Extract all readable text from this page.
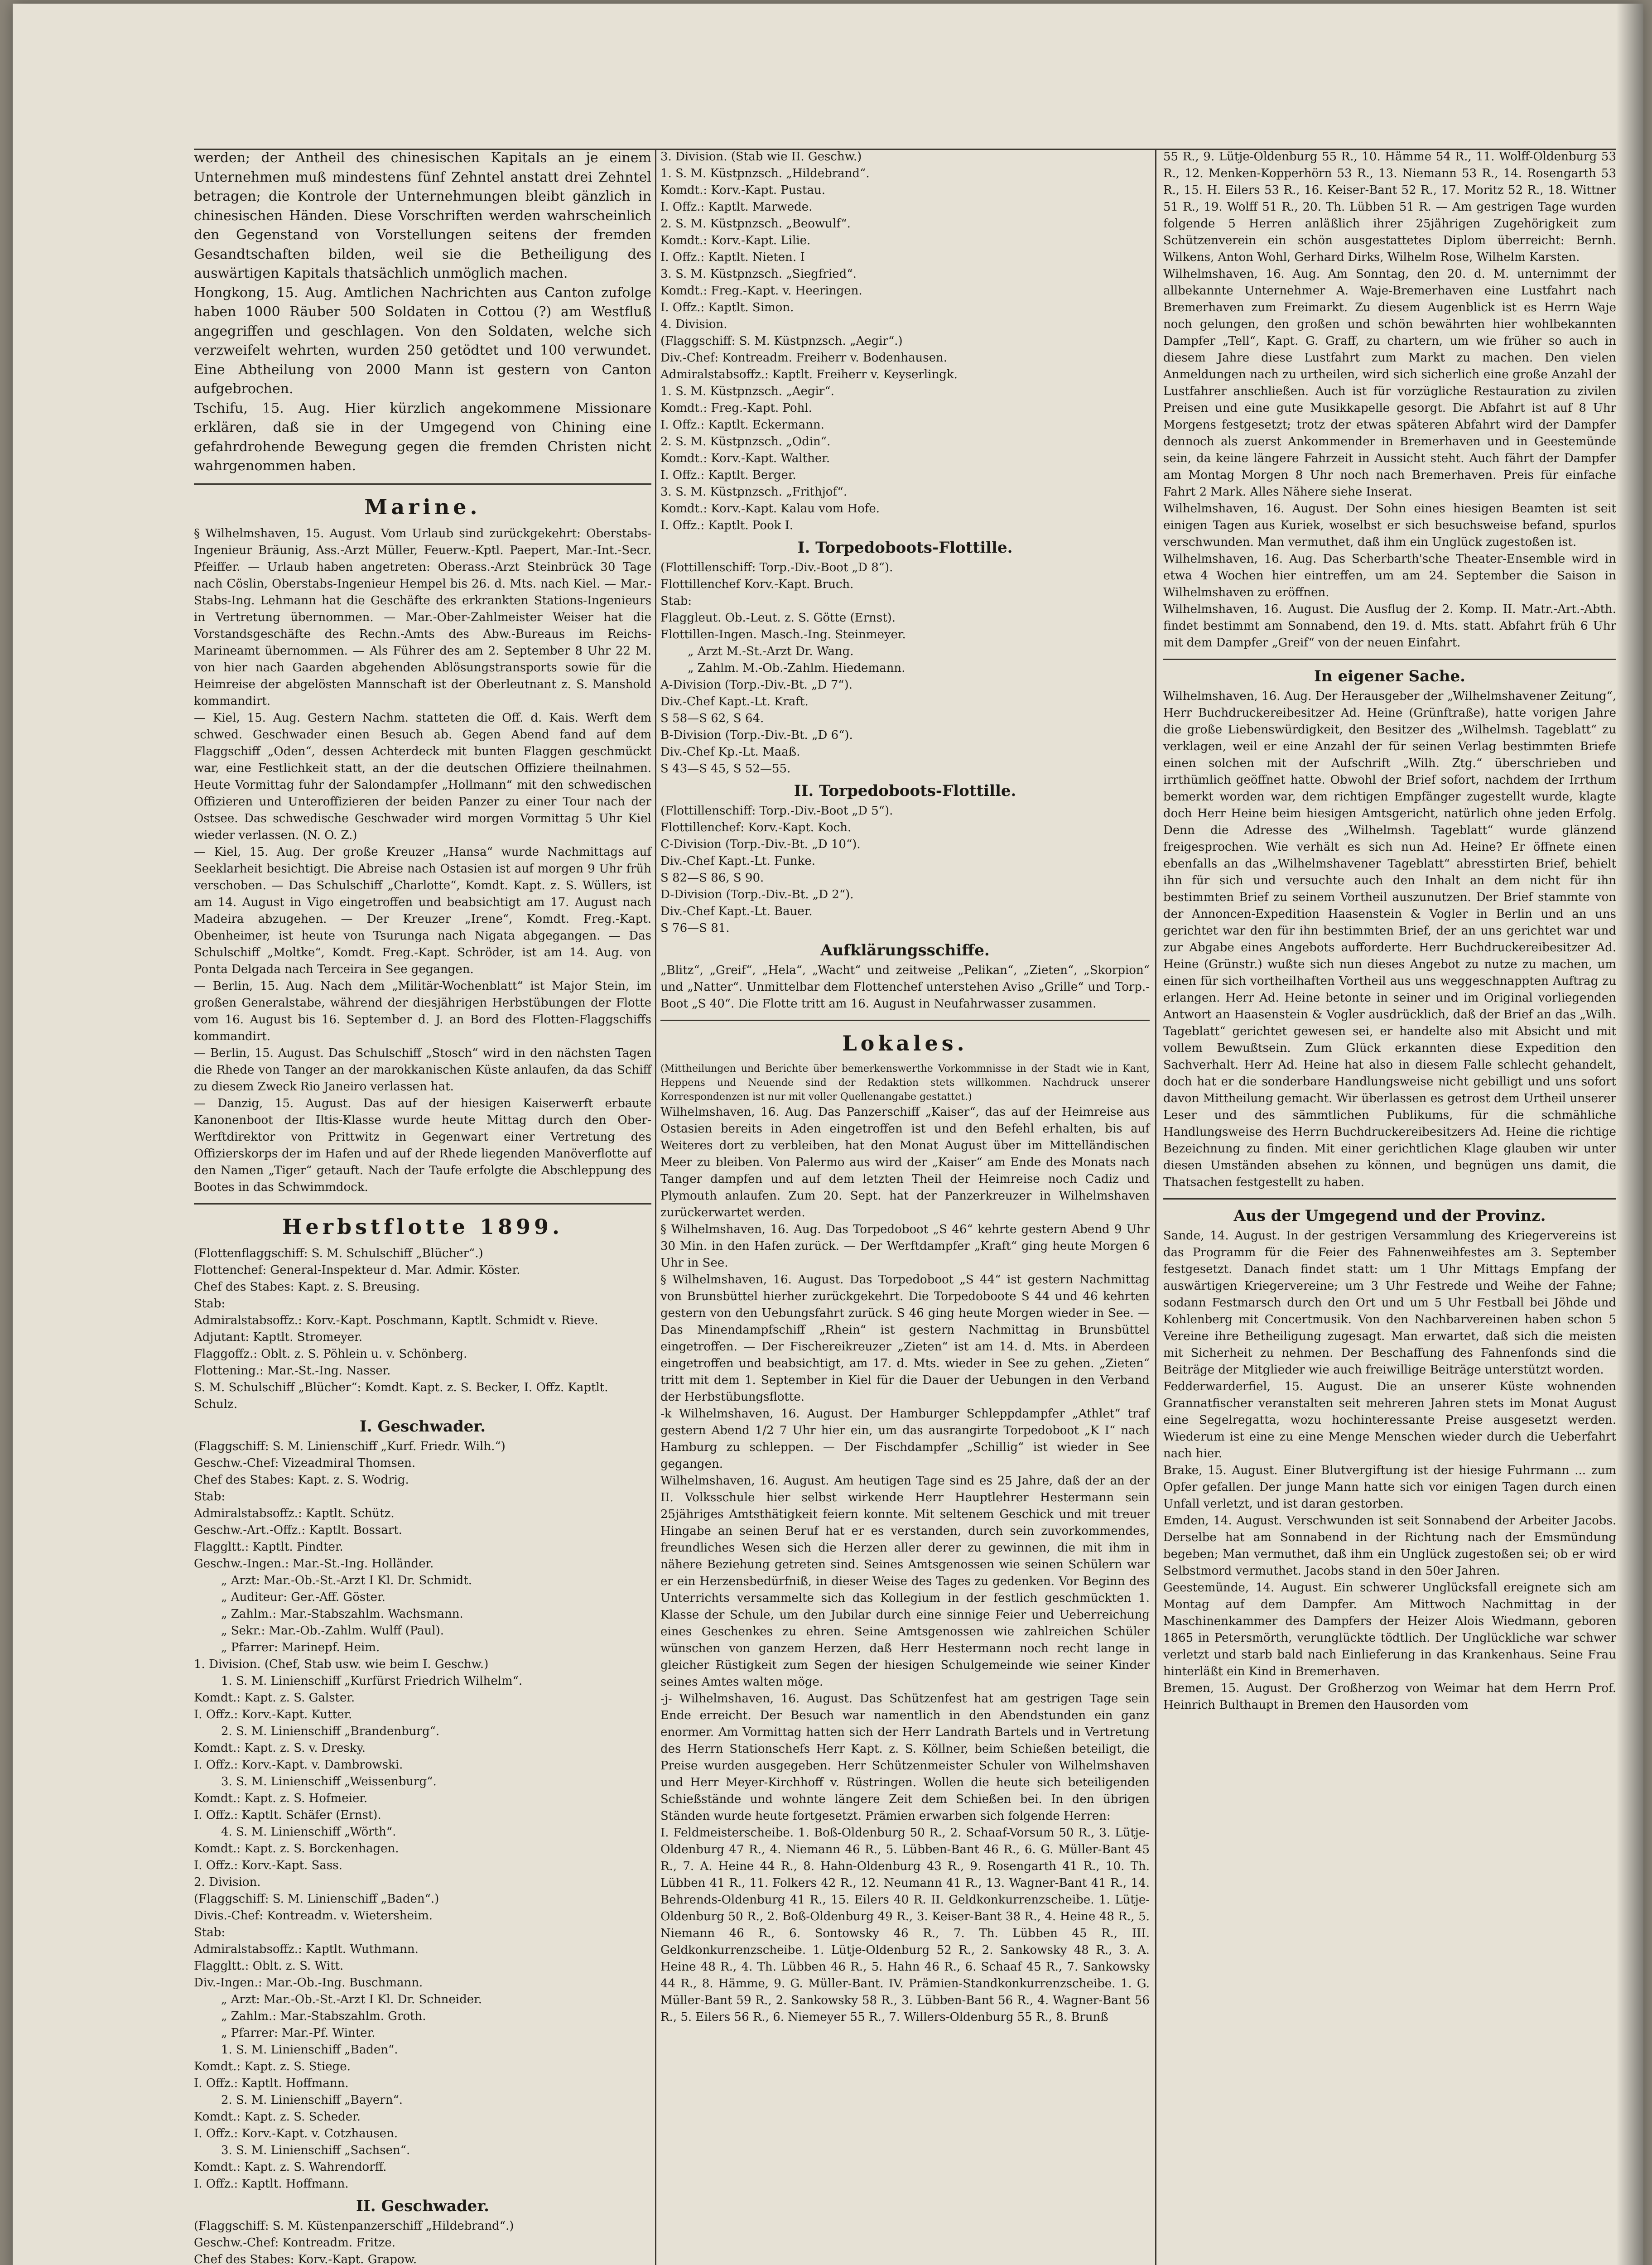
werden; der Antheil des chinesischen Kapitals an je einem Unternehmen muß mindestens fünf Zehntel anstatt drei Zehntel betragen; die Kontrole der Unternehmungen bleibt gänzlich in chinesischen Händen. Diese Vorschriften werden wahrscheinlich den Gegenstand von Vorstellungen seitens der fremden Gesandtschaften bilden, weil sie die Betheiligung des auswärtigen Kapitals thatsächlich unmöglich machen.

Hongkong, 15. Aug. Amtlichen Nachrichten aus Canton zufolge haben 1000 Räuber 500 Soldaten in Cottou (?) am Westfluß angegriffen und geschlagen. Von den Soldaten, welche sich verzweifelt wehrten, wurden 250 getödtet und 100 verwundet. Eine Abtheilung von 2000 Mann ist gestern von Canton aufgebrochen.

Tschifu, 15. Aug. Hier kürzlich angekommene Missionare erklären, daß sie in der Umgegend von Chining eine gefahrdrohende Bewegung gegen die fremden Christen nicht wahrgenommen haben.

Marine.

§ Wilhelmshaven, 15. August. Vom Urlaub sind zurückgekehrt: Oberstabs-Ingenieur Bräunig, Ass.-Arzt Müller, Feuerw.-Kptl. Paepert, Mar.-Int.-Secr. Pfeiffer. — Urlaub haben angetreten: Oberass.-Arzt Steinbrück 30 Tage nach Cöslin, Oberstabs-Ingenieur Hempel bis 26. d. Mts. nach Kiel. — Mar.-Stabs-Ing. Lehmann hat die Geschäfte des erkrankten Stations-Ingenieurs in Vertretung übernommen. — Mar.-Ober-Zahlmeister Weiser hat die Vorstandsgeschäfte des Rechn.-Amts des Abw.-Bureaus im Reichs-Marineamt übernommen. — Als Führer des am 2. September 8 Uhr 22 M. von hier nach Gaarden abgehenden Ablösungstransports sowie für die Heimreise der abgelösten Mannschaft ist der Oberleutnant z. S. Manshold kommandirt.

— Kiel, 15. Aug. Gestern Nachm. statteten die Off. d. Kais. Werft dem schwed. Geschwader einen Besuch ab. Gegen Abend fand auf dem Flaggschiff „Oden“, dessen Achterdeck mit bunten Flaggen geschmückt war, eine Festlichkeit statt, an der die deutschen Offiziere theilnahmen. Heute Vormittag fuhr der Salondampfer „Hollmann“ mit den schwedischen Offizieren und Unteroffizieren der beiden Panzer zu einer Tour nach der Ostsee. Das schwedische Geschwader wird morgen Vormittag 5 Uhr Kiel wieder verlassen. (N. O. Z.)

— Kiel, 15. Aug. Der große Kreuzer „Hansa“ wurde Nachmittags auf Seeklarheit besichtigt. Die Abreise nach Ostasien ist auf morgen 9 Uhr früh verschoben. — Das Schulschiff „Charlotte“, Komdt. Kapt. z. S. Wüllers, ist am 14. August in Vigo eingetroffen und beabsichtigt am 17. August nach Madeira abzugehen. — Der Kreuzer „Irene“, Komdt. Freg.-Kapt. Obenheimer, ist heute von Tsurunga nach Nigata abgegangen. — Das Schulschiff „Moltke“, Komdt. Freg.-Kapt. Schröder, ist am 14. Aug. von Ponta Delgada nach Terceira in See gegangen.

— Berlin, 15. Aug. Nach dem „Militär-Wochenblatt“ ist Major Stein, im großen Generalstabe, während der diesjährigen Herbstübungen der Flotte vom 16. August bis 16. September d. J. an Bord des Flotten-Flaggschiffs kommandirt.

— Berlin, 15. August. Das Schulschiff „Stosch“ wird in den nächsten Tagen die Rhede von Tanger an der marokkanischen Küste anlaufen, da das Schiff zu diesem Zweck Rio Janeiro verlassen hat.

— Danzig, 15. August. Das auf der hiesigen Kaiserwerft erbaute Kanonenboot der Iltis-Klasse wurde heute Mittag durch den Ober-Werftdirektor von Prittwitz in Gegenwart einer Vertretung des Offizierskorps der im Hafen und auf der Rhede liegenden Manöverflotte auf den Namen „Tiger“ getauft. Nach der Taufe erfolgte die Abschleppung des Bootes in das Schwimmdock.

Herbstflotte 1899.

(Flottenflaggschiff: S. M. Schulschiff „Blücher“.)

Flottenchef: General-Inspekteur d. Mar. Admir. Köster.

Chef des Stabes: Kapt. z. S. Breusing.

Stab:

Admiralstabsoffz.: Korv.-Kapt. Poschmann, Kaptlt. Schmidt v. Rieve.

Adjutant: Kaptlt. Stromeyer.

Flaggoffz.: Oblt. z. S. Pöhlein u. v. Schönberg.

Flottening.: Mar.-St.-Ing. Nasser.

S. M. Schulschiff „Blücher“: Komdt. Kapt. z. S. Becker, I. Offz. Kaptlt. Schulz.

I. Geschwader.

(Flaggschiff: S. M. Linienschiff „Kurf. Friedr. Wilh.“)

Geschw.-Chef: Vizeadmiral Thomsen.

Chef des Stabes: Kapt. z. S. Wodrig.

Stab:

Admiralstabsoffz.: Kaptlt. Schütz.

Geschw.-Art.-Offz.: Kaptlt. Bossart.

Flaggltt.: Kaptlt. Pindter.

Geschw.-Ingen.: Mar.-St.-Ing. Holländer.

„ Arzt: Mar.-Ob.-St.-Arzt I Kl. Dr. Schmidt.

„ Auditeur: Ger.-Aff. Göster.

„ Zahlm.: Mar.-Stabszahlm. Wachsmann.

„ Sekr.: Mar.-Ob.-Zahlm. Wulff (Paul).

„ Pfarrer: Marinepf. Heim.

1. Division. (Chef, Stab usw. wie beim I. Geschw.)

1. S. M. Linienschiff „Kurfürst Friedrich Wilhelm“.

Komdt.: Kapt. z. S. Galster.

I. Offz.: Korv.-Kapt. Kutter.

2. S. M. Linienschiff „Brandenburg“.

Komdt.: Kapt. z. S. v. Dresky.

I. Offz.: Korv.-Kapt. v. Dambrowski.

3. S. M. Linienschiff „Weissenburg“.

Komdt.: Kapt. z. S. Hofmeier.

I. Offz.: Kaptlt. Schäfer (Ernst).

4. S. M. Linienschiff „Wörth“.

Komdt.: Kapt. z. S. Borckenhagen.

I. Offz.: Korv.-Kapt. Sass.

2. Division.

(Flaggschiff: S. M. Linienschiff „Baden“.)

Divis.-Chef: Kontreadm. v. Wietersheim.

Stab:

Admiralstabsoffz.: Kaptlt. Wuthmann.

Flaggltt.: Oblt. z. S. Witt.

Div.-Ingen.: Mar.-Ob.-Ing. Buschmann.

„ Arzt: Mar.-Ob.-St.-Arzt I Kl. Dr. Schneider.

„ Zahlm.: Mar.-Stabszahlm. Groth.

„ Pfarrer: Mar.-Pf. Winter.

1. S. M. Linienschiff „Baden“.

Komdt.: Kapt. z. S. Stiege.

I. Offz.: Kaptlt. Hoffmann.

2. S. M. Linienschiff „Bayern“.

Komdt.: Kapt. z. S. Scheder.

I. Offz.: Korv.-Kapt. v. Cotzhausen.

3. S. M. Linienschiff „Sachsen“.

Komdt.: Kapt. z. S. Wahrendorff.

I. Offz.: Kaptlt. Hoffmann.

II. Geschwader.

(Flaggschiff: S. M. Küstenpanzerschiff „Hildebrand“.)

Geschw.-Chef: Kontreadm. Fritze.

Chef des Stabes: Korv.-Kapt. Grapow.

3. Division. (Stab wie II. Geschw.)

1. S. M. Küstpnzsch. „Hildebrand“.

Komdt.: Korv.-Kapt. Pustau.

I. Offz.: Kaptlt. Marwede.

2. S. M. Küstpnzsch. „Beowulf“.

Komdt.: Korv.-Kapt. Lilie.

I. Offz.: Kaptlt. Nieten. I

3. S. M. Küstpnzsch. „Siegfried“.

Komdt.: Freg.-Kapt. v. Heeringen.

I. Offz.: Kaptlt. Simon.

4. Division.

(Flaggschiff: S. M. Küstpnzsch. „Aegir“.)

Div.-Chef: Kontreadm. Freiherr v. Bodenhausen.

Admiralstabsoffz.: Kaptlt. Freiherr v. Keyserlingk.

1. S. M. Küstpnzsch. „Aegir“.

Komdt.: Freg.-Kapt. Pohl.

I. Offz.: Kaptlt. Eckermann.

2. S. M. Küstpnzsch. „Odin“.

Komdt.: Korv.-Kapt. Walther.

I. Offz.: Kaptlt. Berger.

3. S. M. Küstpnzsch. „Frithjof“.

Komdt.: Korv.-Kapt. Kalau vom Hofe.

I. Offz.: Kaptlt. Pook I.

I. Torpedoboots-Flottille.

(Flottillenschiff: Torp.-Div.-Boot „D 8“).

Flottillenchef Korv.-Kapt. Bruch.

Stab:

Flaggleut. Ob.-Leut. z. S. Götte (Ernst).

Flottillen-Ingen. Masch.-Ing. Steinmeyer.

„ Arzt M.-St.-Arzt Dr. Wang.

„ Zahlm. M.-Ob.-Zahlm. Hiedemann.

A-Division (Torp.-Div.-Bt. „D 7“).

Div.-Chef Kapt.-Lt. Kraft.

S 58—S 62, S 64.

B-Division (Torp.-Div.-Bt. „D 6“).

Div.-Chef Kp.-Lt. Maaß.

S 43—S 45, S 52—55.

II. Torpedoboots-Flottille.

(Flottillenschiff: Torp.-Div.-Boot „D 5“).

Flottillenchef: Korv.-Kapt. Koch.

C-Division (Torp.-Div.-Bt. „D 10“).

Div.-Chef Kapt.-Lt. Funke.

S 82—S 86, S 90.

D-Division (Torp.-Div.-Bt. „D 2“).

Div.-Chef Kapt.-Lt. Bauer.

S 76—S 81.

Aufklärungsschiffe.

„Blitz“, „Greif“, „Hela“, „Wacht“ und zeitweise „Pelikan“, „Zieten“, „Skorpion“ und „Natter“. Unmittelbar dem Flottenchef unterstehen Aviso „Grille“ und Torp.-Boot „S 40“. Die Flotte tritt am 16. August in Neufahrwasser zusammen.

Lokales.

(Mittheilungen und Berichte über bemerkenswerthe Vorkommnisse in der Stadt wie in Kant, Heppens und Neuende sind der Redaktion stets willkommen. Nachdruck unserer Korrespondenzen ist nur mit voller Quellenangabe gestattet.)

Wilhelmshaven, 16. Aug. Das Panzerschiff „Kaiser“, das auf der Heimreise aus Ostasien bereits in Aden eingetroffen ist und den Befehl erhalten, bis auf Weiteres dort zu verbleiben, hat den Monat August über im Mittelländischen Meer zu bleiben. Von Palermo aus wird der „Kaiser“ am Ende des Monats nach Tanger dampfen und auf dem letzten Theil der Heimreise noch Cadiz und Plymouth anlaufen. Zum 20. Sept. hat der Panzerkreuzer in Wilhelmshaven zurückerwartet werden.

§ Wilhelmshaven, 16. Aug. Das Torpedoboot „S 46“ kehrte gestern Abend 9 Uhr 30 Min. in den Hafen zurück. — Der Werftdampfer „Kraft“ ging heute Morgen 6 Uhr in See.

§ Wilhelmshaven, 16. August. Das Torpedoboot „S 44“ ist gestern Nachmittag von Brunsbüttel hierher zurückgekehrt. Die Torpedoboote S 44 und 46 kehrten gestern von den Uebungsfahrt zurück. S 46 ging heute Morgen wieder in See. — Das Minendampfschiff „Rhein“ ist gestern Nachmittag in Brunsbüttel eingetroffen. — Der Fischereikreuzer „Zieten“ ist am 14. d. Mts. in Aberdeen eingetroffen und beabsichtigt, am 17. d. Mts. wieder in See zu gehen. „Zieten“ tritt mit dem 1. September in Kiel für die Dauer der Uebungen in den Verband der Herbstübungsflotte.

-k Wilhelmshaven, 16. August. Der Hamburger Schleppdampfer „Athlet“ traf gestern Abend 1/2 7 Uhr hier ein, um das ausrangirte Torpedoboot „K I“ nach Hamburg zu schleppen. — Der Fischdampfer „Schillig“ ist wieder in See gegangen.

Wilhelmshaven, 16. August. Am heutigen Tage sind es 25 Jahre, daß der an der II. Volksschule hier selbst wirkende Herr Hauptlehrer Hestermann sein 25jähriges Amtsthätigkeit feiern konnte. Mit seltenem Geschick und mit treuer Hingabe an seinen Beruf hat er es verstanden, durch sein zuvorkommendes, freundliches Wesen sich die Herzen aller derer zu gewinnen, die mit ihm in nähere Beziehung getreten sind. Seines Amtsgenossen wie seinen Schülern war er ein Herzensbedürfniß, in dieser Weise des Tages zu gedenken. Vor Beginn des Unterrichts versammelte sich das Kollegium in der festlich geschmückten 1. Klasse der Schule, um den Jubilar durch eine sinnige Feier und Ueberreichung eines Geschenkes zu ehren. Seine Amtsgenossen wie zahlreichen Schüler wünschen von ganzem Herzen, daß Herr Hestermann noch recht lange in gleicher Rüstigkeit zum Segen der hiesigen Schulgemeinde wie seiner Kinder seines Amtes walten möge.

-j- Wilhelmshaven, 16. August. Das Schützenfest hat am gestrigen Tage sein Ende erreicht. Der Besuch war namentlich in den Abendstunden ein ganz enormer. Am Vormittag hatten sich der Herr Landrath Bartels und in Vertretung des Herrn Stationschefs Herr Kapt. z. S. Köllner, beim Schießen beteiligt, die Preise wurden ausgegeben. Herr Schützenmeister Schuler von Wilhelmshaven und Herr Meyer-Kirchhoff v. Rüstringen. Wollen die heute sich beteiligenden Schießstände und wohnte längere Zeit dem Schießen bei. In den übrigen Ständen wurde heute fortgesetzt. Prämien erwarben sich folgende Herren:

I. Feldmeisterscheibe. 1. Boß-Oldenburg 50 R., 2. Schaaf-Vorsum 50 R., 3. Lütje-Oldenburg 47 R., 4. Niemann 46 R., 5. Lübben-Bant 46 R., 6. G. Müller-Bant 45 R., 7. A. Heine 44 R., 8. Hahn-Oldenburg 43 R., 9. Rosengarth 41 R., 10. Th. Lübben 41 R., 11. Folkers 42 R., 12. Neumann 41 R., 13. Wagner-Bant 41 R., 14. Behrends-Oldenburg 41 R., 15. Eilers 40 R. II. Geldkonkurrenzscheibe. 1. Lütje-Oldenburg 50 R., 2. Boß-Oldenburg 49 R., 3. Keiser-Bant 38 R., 4. Heine 48 R., 5. Niemann 46 R., 6. Sontowsky 46 R., 7. Th. Lübben 45 R., III. Geldkonkurrenzscheibe. 1. Lütje-Oldenburg 52 R., 2. Sankowsky 48 R., 3. A. Heine 48 R., 4. Th. Lübben 46 R., 5. Hahn 46 R., 6. Schaaf 45 R., 7. Sankowsky 44 R., 8. Hämme, 9. G. Müller-Bant. IV. Prämien-Standkonkurrenzscheibe. 1. G. Müller-Bant 59 R., 2. Sankowsky 58 R., 3. Lübben-Bant 56 R., 4. Wagner-Bant 56 R., 5. Eilers 56 R., 6. Niemeyer 55 R., 7. Willers-Oldenburg 55 R., 8. Brunß

55 R., 9. Lütje-Oldenburg 55 R., 10. Hämme 54 R., 11. Wolff-Oldenburg 53 R., 12. Menken-Kopperhörn 53 R., 13. Niemann 53 R., 14. Rosengarth 53 R., 15. H. Eilers 53 R., 16. Keiser-Bant 52 R., 17. Moritz 52 R., 18. Wittner 51 R., 19. Wolff 51 R., 20. Th. Lübben 51 R. — Am gestrigen Tage wurden folgende 5 Herren anläßlich ihrer 25jährigen Zugehörigkeit zum Schützenverein ein schön ausgestattetes Diplom überreicht: Bernh. Wilkens, Anton Wohl, Gerhard Dirks, Wilhelm Rose, Wilhelm Karsten.

Wilhelmshaven, 16. Aug. Am Sonntag, den 20. d. M. unternimmt der allbekannte Unternehmer A. Waje-Bremerhaven eine Lustfahrt nach Bremerhaven zum Freimarkt. Zu diesem Augenblick ist es Herrn Waje noch gelungen, den großen und schön bewährten hier wohlbekannten Dampfer „Tell“, Kapt. G. Graff, zu chartern, um wie früher so auch in diesem Jahre diese Lustfahrt zum Markt zu machen. Den vielen Anmeldungen nach zu urtheilen, wird sich sicherlich eine große Anzahl der Lustfahrer anschließen. Auch ist für vorzügliche Restauration zu zivilen Preisen und eine gute Musikkapelle gesorgt. Die Abfahrt ist auf 8 Uhr Morgens festgesetzt; trotz der etwas späteren Abfahrt wird der Dampfer dennoch als zuerst Ankommender in Bremerhaven und in Geestemünde sein, da keine längere Fahrzeit in Aussicht steht. Auch fährt der Dampfer am Montag Morgen 8 Uhr noch nach Bremerhaven. Preis für einfache Fahrt 2 Mark. Alles Nähere siehe Inserat.

Wilhelmshaven, 16. August. Der Sohn eines hiesigen Beamten ist seit einigen Tagen aus Kuriek, woselbst er sich besuchsweise befand, spurlos verschwunden. Man vermuthet, daß ihm ein Unglück zugestoßen ist.

Wilhelmshaven, 16. Aug. Das Scherbarth'sche Theater-Ensemble wird in etwa 4 Wochen hier eintreffen, um am 24. September die Saison in Wilhelmshaven zu eröffnen.

Wilhelmshaven, 16. August. Die Ausflug der 2. Komp. II. Matr.-Art.-Abth. findet bestimmt am Sonnabend, den 19. d. Mts. statt. Abfahrt früh 6 Uhr mit dem Dampfer „Greif“ von der neuen Einfahrt.

In eigener Sache.

Wilhelmshaven, 16. Aug. Der Herausgeber der „Wilhelmshavener Zeitung“, Herr Buchdruckereibesitzer Ad. Heine (Grünftraße), hatte vorigen Jahre die große Liebenswürdigkeit, den Besitzer des „Wilhelmsh. Tageblatt“ zu verklagen, weil er eine Anzahl der für seinen Verlag bestimmten Briefe einen solchen mit der Aufschrift „Wilh. Ztg.“ überschrieben und irrthümlich geöffnet hatte. Obwohl der Brief sofort, nachdem der Irrthum bemerkt worden war, dem richtigen Empfänger zugestellt wurde, klagte doch Herr Heine beim hiesigen Amtsgericht, natürlich ohne jeden Erfolg. Denn die Adresse des „Wilhelmsh. Tageblatt“ wurde glänzend freigesprochen. Wie verhält es sich nun Ad. Heine? Er öffnete einen ebenfalls an das „Wilhelmshavener Tageblatt“ abresstirten Brief, behielt ihn für sich und versuchte auch den Inhalt an dem nicht für ihn bestimmten Brief zu seinem Vortheil auszunutzen. Der Brief stammte von der Annoncen-Expedition Haasenstein & Vogler in Berlin und an uns gerichtet war den für ihn bestimmten Brief, der an uns gerichtet war und zur Abgabe eines Angebots aufforderte. Herr Buchdruckereibesitzer Ad. Heine (Grünstr.) wußte sich nun dieses Angebot zu nutze zu machen, um einen für sich vortheilhaften Vortheil aus uns weggeschnappten Auftrag zu erlangen. Herr Ad. Heine betonte in seiner und im Original vorliegenden Antwort an Haasenstein & Vogler ausdrücklich, daß der Brief an das „Wilh. Tageblatt“ gerichtet gewesen sei, er handelte also mit Absicht und mit vollem Bewußtsein. Zum Glück erkannten diese Expedition den Sachverhalt. Herr Ad. Heine hat also in diesem Falle schlecht gehandelt, doch hat er die sonderbare Handlungsweise nicht gebilligt und uns sofort davon Mittheilung gemacht. Wir überlassen es getrost dem Urtheil unserer Leser und des sämmtlichen Publikums, für die schmähliche Handlungsweise des Herrn Buchdruckereibesitzers Ad. Heine die richtige Bezeichnung zu finden. Mit einer gerichtlichen Klage glauben wir unter diesen Umständen absehen zu können, und begnügen uns damit, die Thatsachen festgestellt zu haben.

Aus der Umgegend und der Provinz.

Sande, 14. August. In der gestrigen Versammlung des Kriegervereins ist das Programm für die Feier des Fahnenweihfestes am 3. September festgesetzt. Danach findet statt: um 1 Uhr Mittags Empfang der auswärtigen Kriegervereine; um 3 Uhr Festrede und Weihe der Fahne; sodann Festmarsch durch den Ort und um 5 Uhr Festball bei Jöhde und Kohlenberg mit Concertmusik. Von den Nachbarvereinen haben schon 5 Vereine ihre Betheiligung zugesagt. Man erwartet, daß sich die meisten mit Sicherheit zu nehmen. Der Beschaffung des Fahnenfonds sind die Beiträge der Mitglieder wie auch freiwillige Beiträge unterstützt worden.

Fedderwarderfiel, 15. August. Die an unserer Küste wohnenden Grannatfischer veranstalten seit mehreren Jahren stets im Monat August eine Segelregatta, wozu hochinteressante Preise ausgesetzt werden. Wiederum ist eine zu eine Menge Menschen wieder durch die Ueberfahrt nach hier.

Brake, 15. August. Einer Blutvergiftung ist der hiesige Fuhrmann ... zum Opfer gefallen. Der junge Mann hatte sich vor einigen Tagen durch einen Unfall verletzt, und ist daran gestorben.

Emden, 14. August. Verschwunden ist seit Sonnabend der Arbeiter Jacobs. Derselbe hat am Sonnabend in der Richtung nach der Emsmündung begeben; Man vermuthet, daß ihm ein Unglück zugestoßen sei; ob er wird Selbstmord vermuthet. Jacobs stand in den 50er Jahren.

Geestemünde, 14. August. Ein schwerer Unglücksfall ereignete sich am Montag auf dem Dampfer. Am Mittwoch Nachmittag in der Maschinenkammer des Dampfers der Heizer Alois Wiedmann, geboren 1865 in Petersmörth, verunglückte tödtlich. Der Unglückliche war schwer verletzt und starb bald nach Einlieferung in das Krankenhaus. Seine Frau hinterläßt ein Kind in Bremerhaven.

Bremen, 15. August. Der Großherzog von Weimar hat dem Herrn Prof. Heinrich Bulthaupt in Bremen den Hausorden vom
